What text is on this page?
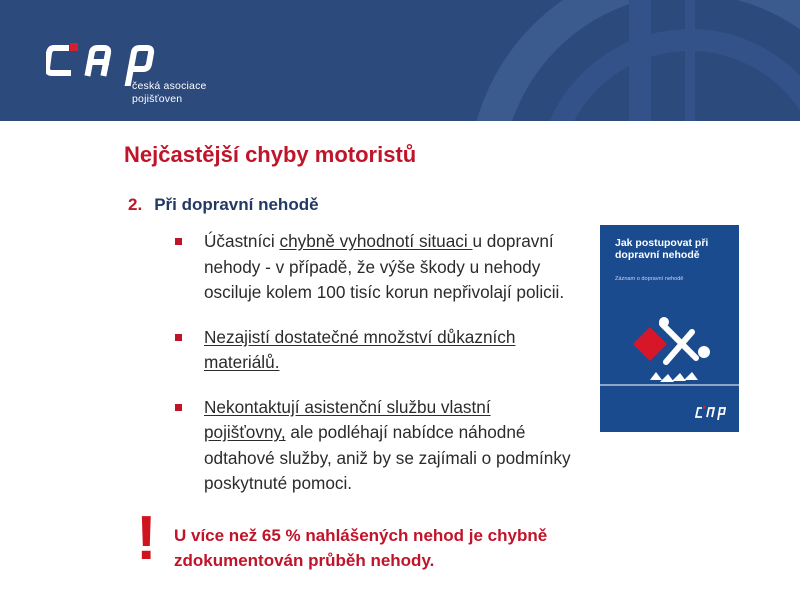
česká asociace
pojišťoven
Nejčastější chyby motoristů
2. Při dopravní nehodě
Účastníci chybně vyhodnotí situaci u dopravní nehody - v případě, že výše škody u nehody osciluje kolem 100 tisíc korun nepřivolají policii.
Nezajistí dostatečné množství důkazních materiálů.
Nekontaktují asistenční službu vlastní pojišťovny, ale podléhají nabídce náhodné odtahové služby, aniž by se zajímali o podmínky poskytnuté pomoci.
Jak postupovat při dopravní nehodě
Záznam o dopravní nehodě
! U více než 65 % nahlášených nehod je chybně zdokumentován průběh nehody.
